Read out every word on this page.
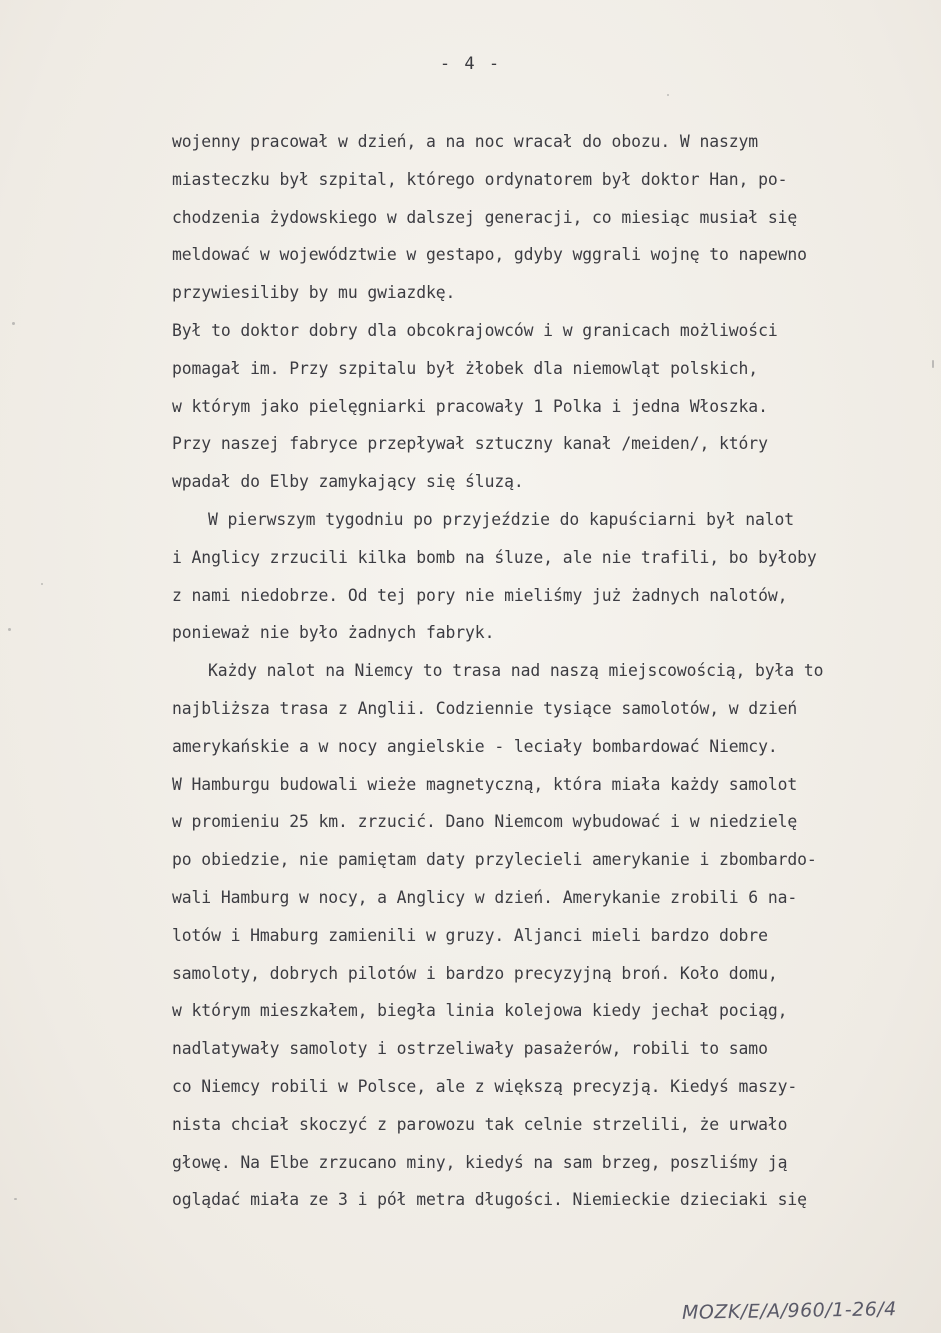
- 4 -
wojenny pracował w dzień, a na noc wracał do obozu. W naszym
miasteczku był szpital, którego ordynatorem był doktor Han, po-
chodzenia żydowskiego w dalszej generacji, co miesiąc musiał się
meldować w województwie w gestapo, gdyby wggrali wojnę to napewno
przywiesiliby by mu gwiazdkę.
Był to doktor dobry dla obcokrajowców i w granicach możliwości
pomagał im. Przy szpitalu był żłobek dla niemowląt polskich,
w którym jako pielęgniarki pracowały 1 Polka i jedna Włoszka.
Przy naszej fabryce przepływał sztuczny kanał /meiden/, który
wpadał do Elby zamykający się śluzą.
W pierwszym tygodniu po przyjeździe do kapuściarni był nalot
i Anglicy zrzucili kilka bomb na śluze, ale nie trafili, bo byłoby
z nami niedobrze. Od tej pory nie mieliśmy już żadnych nalotów,
ponieważ nie było żadnych fabryk.
Każdy nalot na Niemcy to trasa nad naszą miejscowością, była to
najbliższa trasa z Anglii. Codziennie tysiące samolotów, w dzień
amerykańskie a w nocy angielskie - leciały bombardować Niemcy.
W Hamburgu budowali wieże magnetyczną, która miała każdy samolot
w promieniu 25 km. zrzucić. Dano Niemcom wybudować i w niedzielę
po obiedzie, nie pamiętam daty przylecieli amerykanie i zbombardo-
wali Hamburg w nocy, a Anglicy w dzień. Amerykanie zrobili 6 na-
lotów i Hmaburg zamienili w gruzy. Aljanci mieli bardzo dobre
samoloty, dobrych pilotów i bardzo precyzyjną broń. Koło domu,
w którym mieszkałem, biegła linia kolejowa kiedy jechał pociąg,
nadlatywały samoloty i ostrzeliwały pasażerów, robili to samo
co Niemcy robili w Polsce, ale z większą precyzją. Kiedyś maszy-
nista chciał skoczyć z parowozu tak celnie strzelili, że urwało
głowę. Na Elbe zrzucano miny, kiedyś na sam brzeg, poszliśmy ją
oglądać miała ze 3 i pół metra długości. Niemieckie dzieciaki się
MOZK/E/A/960/1-26/4
